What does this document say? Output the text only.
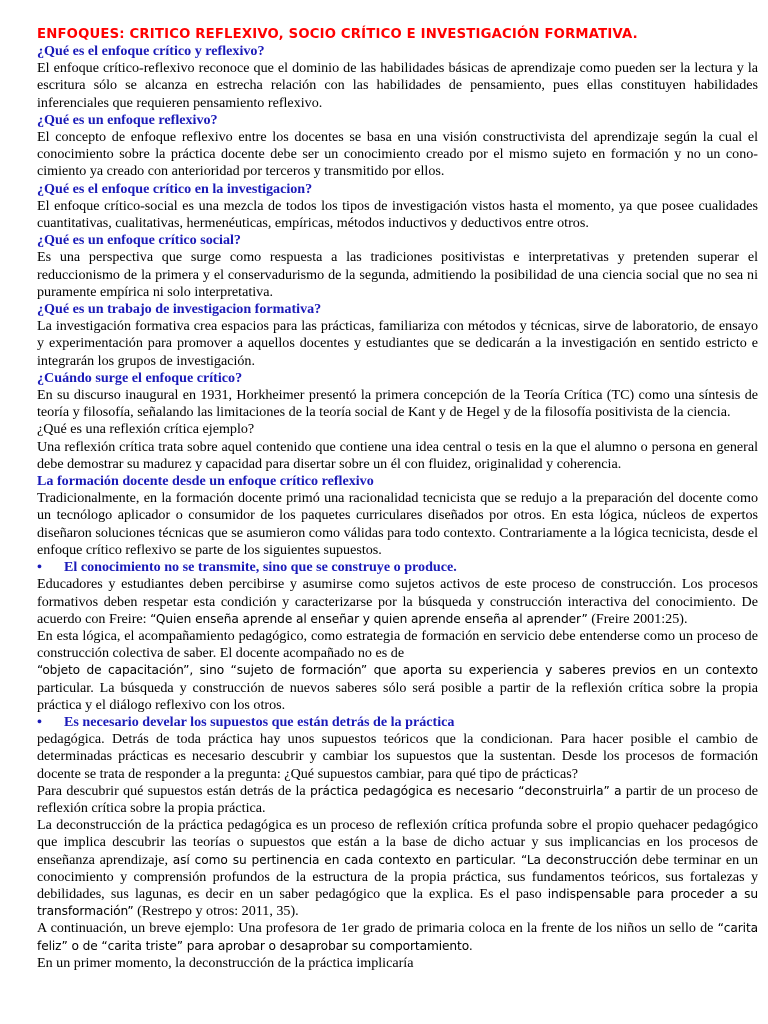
ENFOQUES: CRITICO REFLEXIVO, SOCIO CRÍTICO E INVESTIGACIÓN FORMATIVA.
¿Qué es el enfoque crítico y reflexivo?

El enfoque crítico-reflexivo reconoce que el dominio de las habilidades básicas de aprendizaje como pueden ser la lectura y la escritura sólo se alcanza en estrecha relación con las habilidades de pensamiento, pues ellas constituyen habilidades inferenciales que requieren pensamiento reflexivo.

¿Qué es un enfoque reflexivo?

El concepto de enfoque reflexivo entre los docentes se basa en una visión constructivista del aprendizaje según la cual el conocimiento sobre la práctica docente debe ser un conocimiento creado por el mismo sujeto en formación y no un cono- cimiento ya creado con anterioridad por terceros y transmitido por ellos.

¿Qué es el enfoque crítico en la investigacion?

El enfoque crítico-social es una mezcla de todos los tipos de investigación vistos hasta el momento, ya que posee cualidades cuantitativas, cualitativas, hermenéuticas, empíricas, métodos inductivos y deductivos entre otros.

¿Qué es un enfoque crítico social?

Es una perspectiva que surge como respuesta a las tradiciones positivistas e interpretativas y pretenden superar el reduccionismo de la primera y el conservadurismo de la segunda, admitiendo la posibilidad de una ciencia social que no sea ni puramente empírica ni solo interpretativa.

¿Qué es un trabajo de investigacion formativa?

La investigación formativa crea espacios para las prácticas, familiariza con métodos y técnicas, sirve de laboratorio, de ensayo y experimentación para promover a aquellos docentes y estudiantes que se dedicarán a la investigación en sentido estricto e integrarán los grupos de investigación.

¿Cuándo surge el enfoque crítico?

En su discurso inaugural en 1931, Horkheimer presentó la primera concepción de la Teoría Crítica (TC) como una síntesis de teoría y filosofía, señalando las limitaciones de la teoría social de Kant y de Hegel y de la filosofía positivista de la ciencia.

¿Qué es una reflexión crítica ejemplo?

Una reflexión crítica trata sobre aquel contenido que contiene una idea central o tesis en la que el alumno o persona en general debe demostrar su madurez y capacidad para disertar sobre un él con fluidez, originalidad y coherencia.

La formación docente desde un enfoque crítico reflexivo

Tradicionalmente, en la formación docente primó una racionalidad tecnicista que se redujo a la preparación del docente como un tecnólogo aplicador o consumidor de los paquetes curriculares diseñados por otros. En esta lógica, núcleos de expertos diseñaron soluciones técnicas que se asumieron como válidas para todo contexto. Contrariamente a la lógica tecnicista, desde el enfoque crítico reflexivo se parte de los siguientes supuestos.

•	El conocimiento no se transmite, sino que se construye o produce.

Educadores y estudiantes deben percibirse y asumirse como sujetos activos de este proceso de construcción. Los procesos formativos deben respetar esta condición y caracterizarse por la búsqueda y construcción interactiva del conocimiento. De acuerdo con Freire: “Quien enseña aprende al enseñar y quien aprende enseña al aprender” (Freire 2001:25).

En esta lógica, el acompañamiento pedagógico, como estrategia de formación en servicio debe entenderse como un proceso de construcción colectiva de saber. El docente acompañado no es de
“objeto de capacitación”, sino “sujeto de formación” que aporta su experiencia y saberes previos en un contexto particular. La búsqueda y construcción de nuevos saberes sólo será posible a partir de la reflexión crítica sobre la propia práctica y el diálogo reflexivo con los otros.

•	Es necesario develar los supuestos que están detrás de la práctica

pedagógica. Detrás de toda práctica hay unos supuestos teóricos que la condicionan. Para hacer posible el cambio de determinadas prácticas es necesario descubrir y cambiar los supuestos que la sustentan. Desde los procesos de formación docente se trata de responder a la pregunta: ¿Qué supuestos cambiar, para qué tipo de prácticas?

Para descubrir qué supuestos están detrás de la práctica pedagógica es necesario “deconstruirla” a partir de un proceso de reflexión crítica sobre la propia práctica.

La deconstrucción de la práctica pedagógica es un proceso de reflexión crítica profunda sobre el propio quehacer pedagógico que implica descubrir las teorías o supuestos que están a la base de dicho actuar y sus implicancias en los procesos de enseñanza aprendizaje, así como su pertinencia en cada contexto en particular. “La deconstrucción debe terminar en un conocimiento y comprensión profundos de la estructura de la propia práctica, sus fundamentos teóricos, sus fortalezas y debilidades, sus lagunas, es decir en un saber pedagógico que la explica. Es el paso indispensable para proceder a su transformación” (Restrepo y otros: 2011, 35).

A continuación, un breve ejemplo: Una profesora de 1er grado de primaria coloca en la frente de los niños un sello de “carita feliz” o de “carita triste” para aprobar o desaprobar su comportamiento.

En un primer momento, la deconstrucción de la práctica implicaría
